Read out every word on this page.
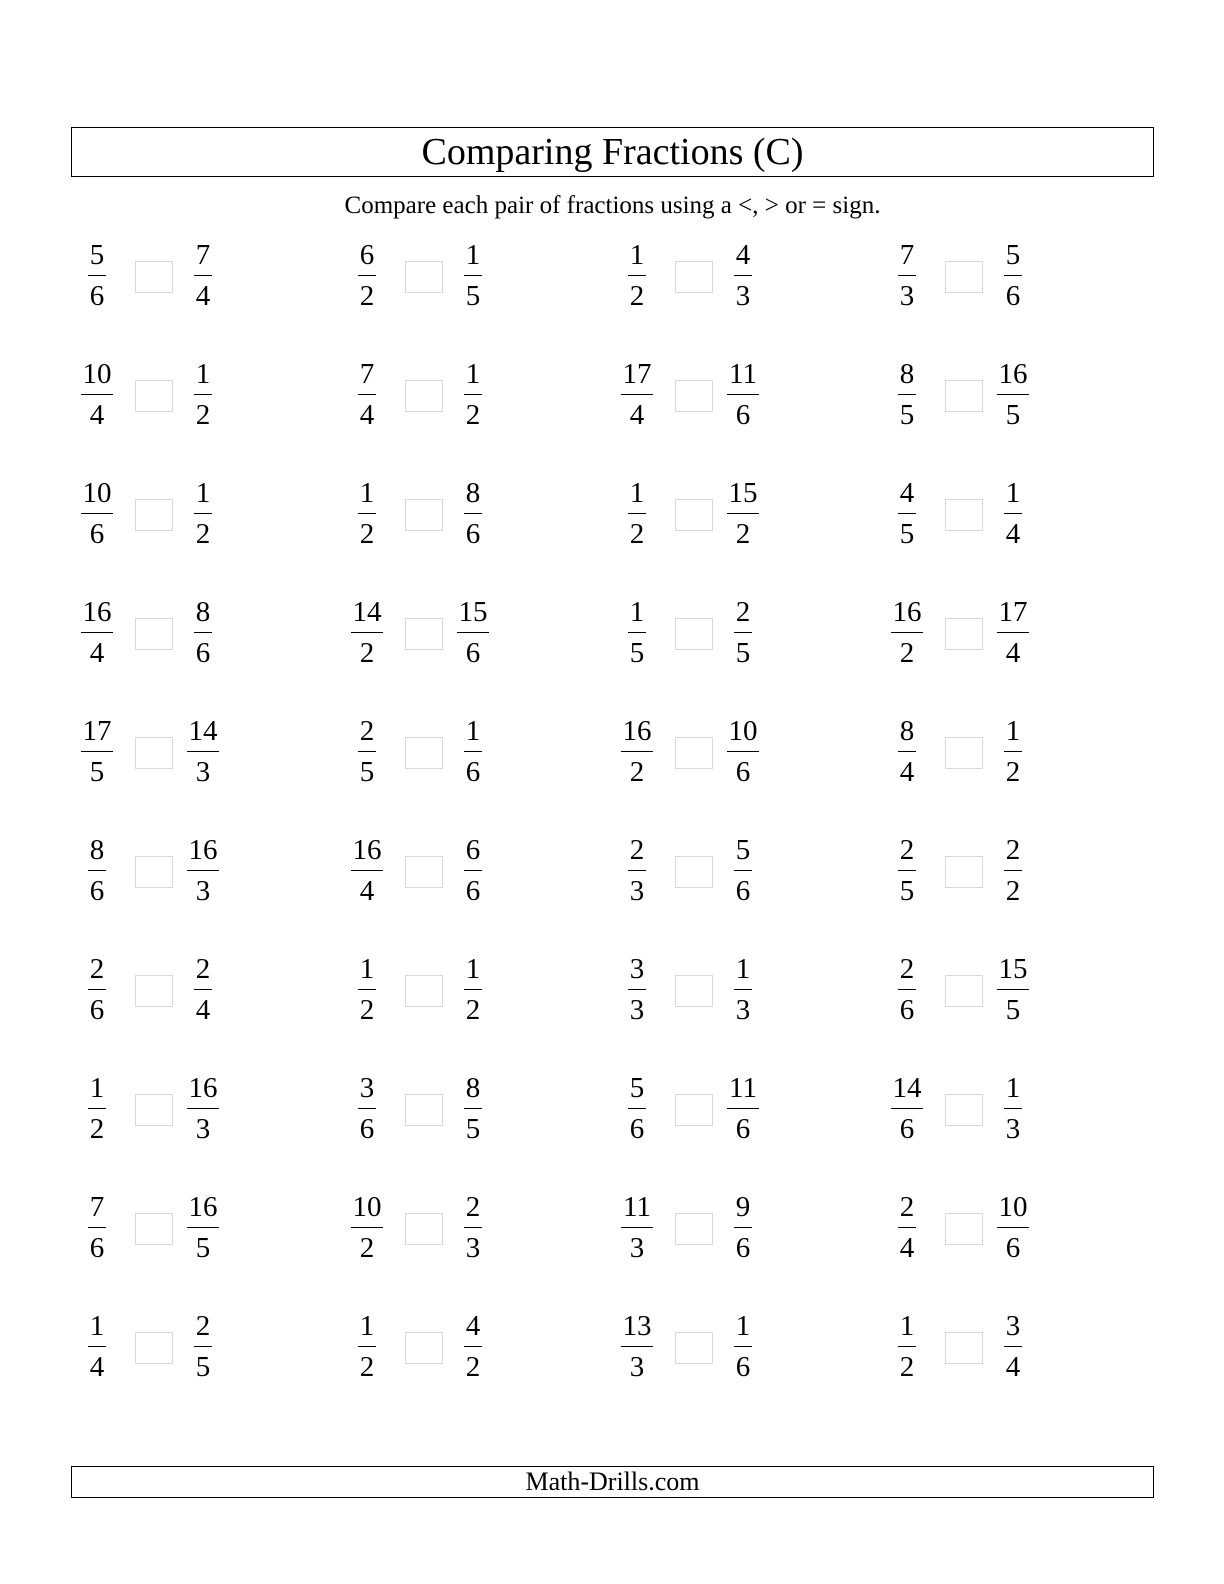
Comparing Fractions (C)
Compare each pair of fractions using a <, > or = sign.
5
6
7
4
6
2
1
5
1
2
4
3
7
3
5
6
10
4
1
2
7
4
1
2
17
4
11
6
8
5
16
5
10
6
1
2
1
2
8
6
1
2
15
2
4
5
1
4
16
4
8
6
14
2
15
6
1
5
2
5
16
2
17
4
17
5
14
3
2
5
1
6
16
2
10
6
8
4
1
2
8
6
16
3
16
4
6
6
2
3
5
6
2
5
2
2
2
6
2
4
1
2
1
2
3
3
1
3
2
6
15
5
1
2
16
3
3
6
8
5
5
6
11
6
14
6
1
3
7
6
16
5
10
2
2
3
11
3
9
6
2
4
10
6
1
4
2
5
1
2
4
2
13
3
1
6
1
2
3
4
Math-Drills.com
